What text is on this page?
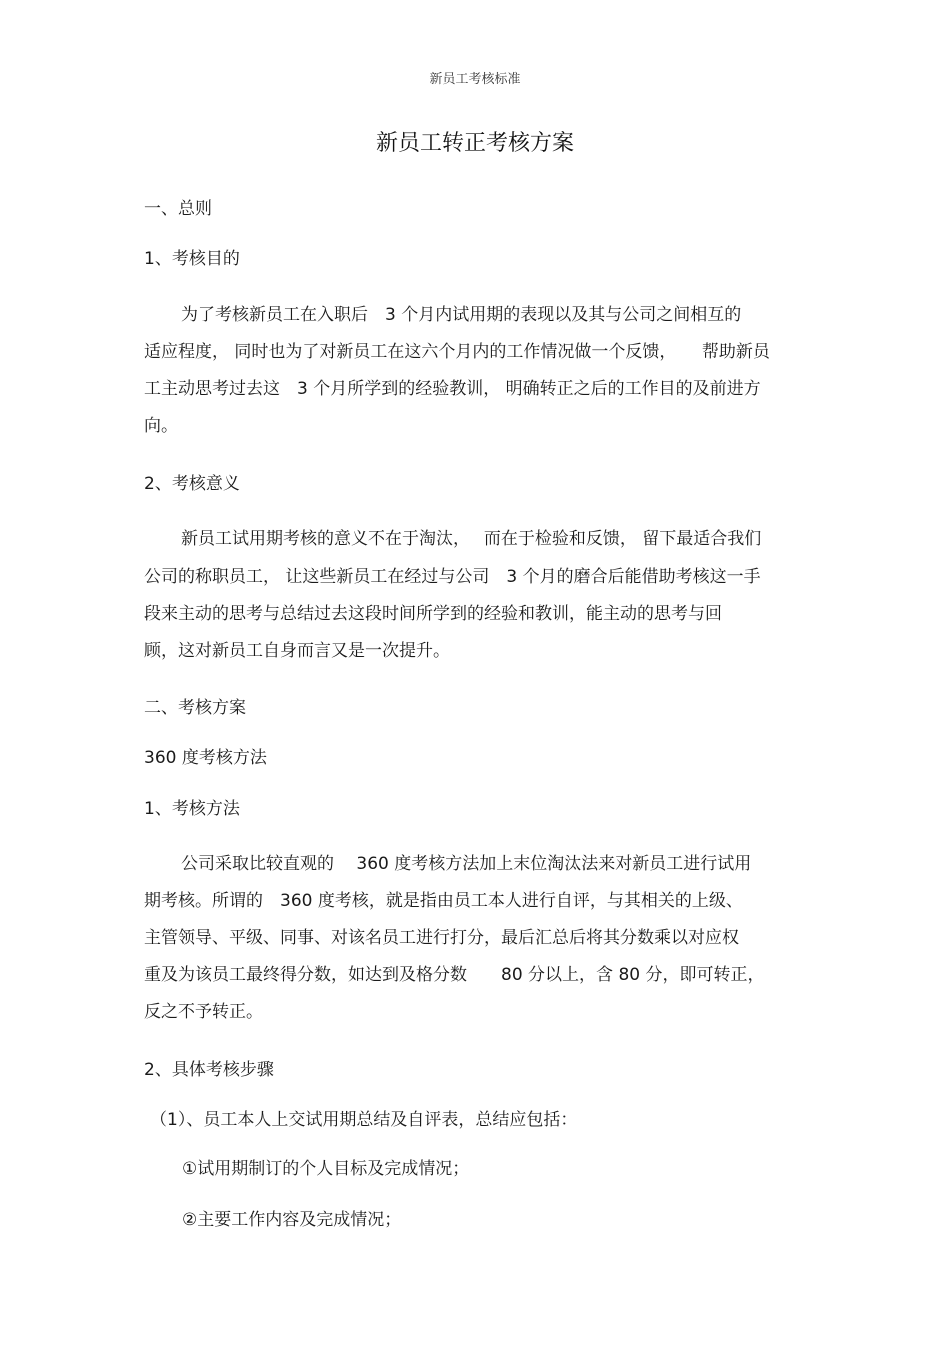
新员工考核标准
新员工转正考核方案
一、总则
1、考核目的
为了考核新员工在入职后　3 个月内试用期的表现以及其与公司之间相互的
适应程度， 同时也为了对新员工在这六个月内的工作情况做一个反馈，　　帮助新员
工主动思考过去这　3 个月所学到的经验教训， 明确转正之后的工作目的及前进方
向。
2、考核意义
新员工试用期考核的意义不在于淘汰，　 而在于检验和反馈， 留下最适合我们
公司的称职员工， 让这些新员工在经过与公司　3 个月的磨合后能借助考核这一手
段来主动的思考与总结过去这段时间所学到的经验和教训，能主动的思考与回
顾，这对新员工自身而言又是一次提升。
二、考核方案
360 度考核方法
1、考核方法
公司采取比较直观的　 360 度考核方法加上末位淘汰法来对新员工进行试用
期考核。所谓的　360 度考核，就是指由员工本人进行自评，与其相关的上级、
主管领导、平级、同事、对该名员工进行打分，最后汇总后将其分数乘以对应权
重及为该员工最终得分数，如达到及格分数　　80 分以上，含 80 分，即可转正，
反之不予转正。
2、具体考核步骤
（1）、员工本人上交试用期总结及自评表，总结应包括：
①试用期制订的个人目标及完成情况；
②主要工作内容及完成情况；
